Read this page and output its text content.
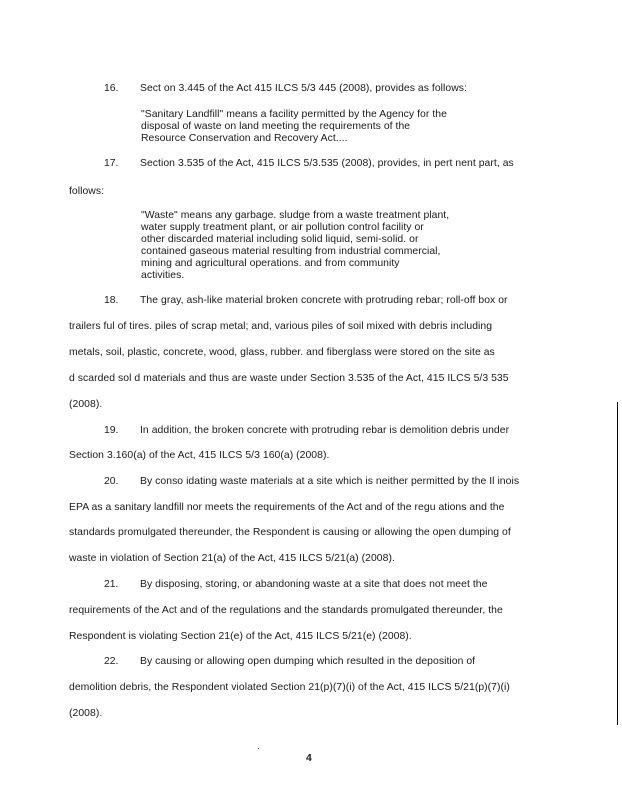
16. Sect on 3.445 of the Act 415 ILCS 5/3 445 (2008), provides as follows:
"Sanitary Landfill" means a facility permitted by the Agency for the
disposal of waste on land meeting the requirements of the
Resource Conservation and Recovery Act....
17. Section 3.535 of the Act, 415 ILCS 5/3.535 (2008), provides, in pert nent part, as
follows:
"Waste" means any garbage. sludge from a waste treatment plant,
water supply treatment plant, or air pollution control facility or
other discarded material including solid liquid, semi-solid. or
contained gaseous material resulting from industrial commercial,
mining and agricultural operations. and from community
activities.
18. The gray, ash-like material broken concrete with protruding rebar; roll-off box or
trailers ful of tires. piles of scrap metal; and, various piles of soil mixed with debris including
metals, soil, plastic, concrete, wood, glass, rubber. and fiberglass were stored on the site as
d scarded sol d materials and thus are waste under Section 3.535 of the Act, 415 ILCS 5/3 535
(2008).
19. In addition, the broken concrete with protruding rebar is demolition debris under
Section 3.160(a) of the Act, 415 ILCS 5/3 160(a) (2008).
20. By conso idating waste materials at a site which is neither permitted by the Il inois
EPA as a sanitary landfill nor meets the requirements of the Act and of the regu ations and the
standards promulgated thereunder, the Respondent is causing or allowing the open dumping of
waste in violation of Section 21(a) of the Act, 415 ILCS 5/21(a) (2008).
21. By disposing, storing, or abandoning waste at a site that does not meet the
requirements of the Act and of the regulations and the standards promulgated thereunder, the
Respondent is violating Section 21(e) of the Act, 415 ILCS 5/21(e) (2008).
22. By causing or allowing open dumping which resulted in the deposition of
demolition debris, the Respondent violated Section 21(p)(7)(i) of the Act, 415 ILCS 5/21(p)(7)(i)
(2008).
4
